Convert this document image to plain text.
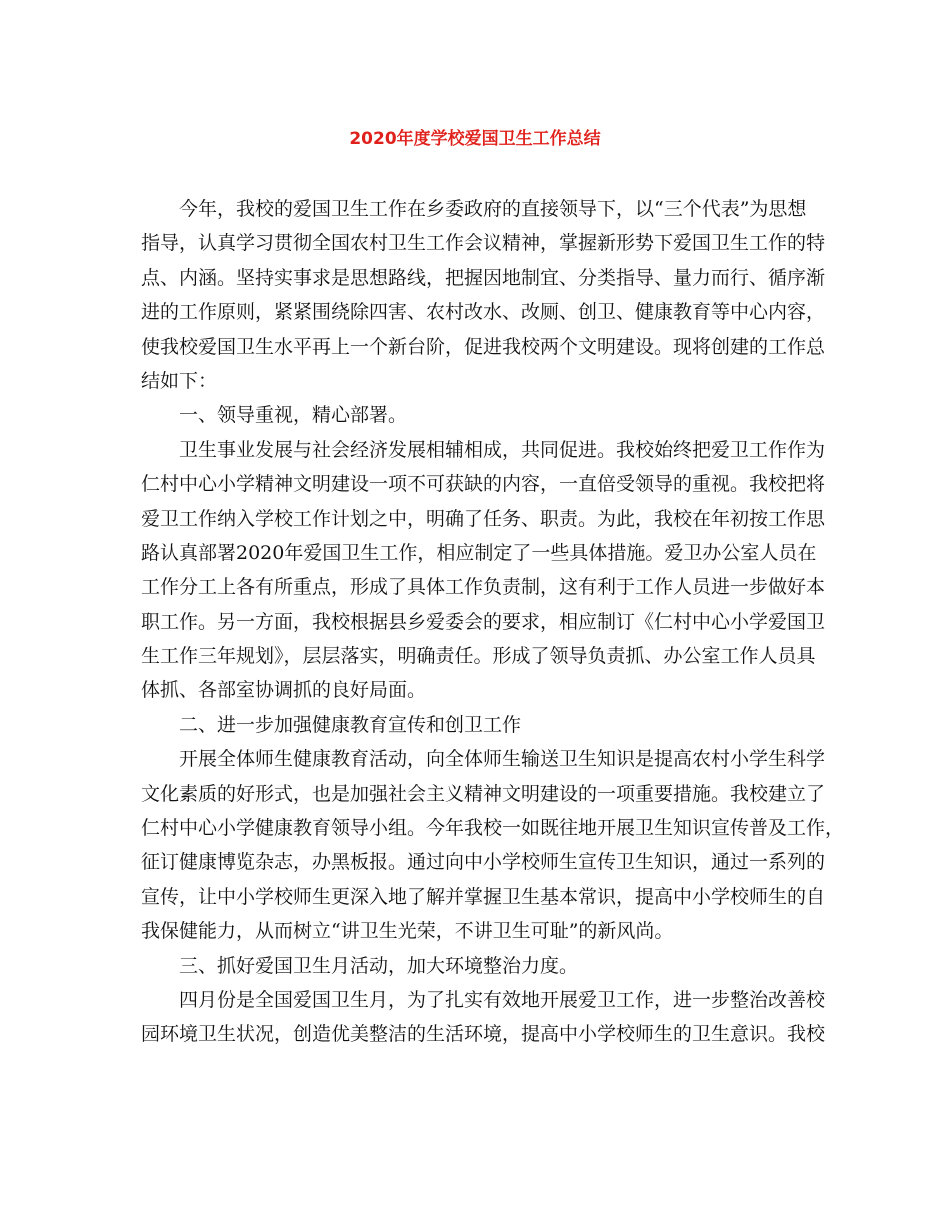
2020年度学校爱国卫生工作总结
今年，我校的爱国卫生工作在乡委政府的直接领导下，以“三个代表”为思想
指导，认真学习贯彻全国农村卫生工作会议精神，掌握新形势下爱国卫生工作的特
点、内涵。坚持实事求是思想路线，把握因地制宜、分类指导、量力而行、循序渐
进的工作原则，紧紧围绕除四害、农村改水、改厕、创卫、健康教育等中心内容，
使我校爱国卫生水平再上一个新台阶，促进我校两个文明建设。现将创建的工作总
结如下：
一、领导重视，精心部署。
卫生事业发展与社会经济发展相辅相成，共同促进。我校始终把爱卫工作作为
仁村中心小学精神文明建设一项不可获缺的内容，一直倍受领导的重视。我校把将
爱卫工作纳入学校工作计划之中，明确了任务、职责。为此，我校在年初按工作思
路认真部署2020年爱国卫生工作，相应制定了一些具体措施。爱卫办公室人员在
工作分工上各有所重点，形成了具体工作负责制，这有利于工作人员进一步做好本
职工作。另一方面，我校根据县乡爱委会的要求，相应制订《仁村中心小学爱国卫
生工作三年规划》，层层落实，明确责任。形成了领导负责抓、办公室工作人员具
体抓、各部室协调抓的良好局面。
二、进一步加强健康教育宣传和创卫工作
开展全体师生健康教育活动，向全体师生输送卫生知识是提高农村小学生科学
文化素质的好形式，也是加强社会主义精神文明建设的一项重要措施。我校建立了
仁村中心小学健康教育领导小组。今年我校一如既往地开展卫生知识宣传普及工作，
征订健康博览杂志，办黑板报。通过向中小学校师生宣传卫生知识，通过一系列的
宣传，让中小学校师生更深入地了解并掌握卫生基本常识，提高中小学校师生的自
我保健能力，从而树立“讲卫生光荣，不讲卫生可耻”的新风尚。
三、抓好爱国卫生月活动，加大环境整治力度。
四月份是全国爱国卫生月，为了扎实有效地开展爱卫工作，进一步整治改善校
园环境卫生状况，创造优美整洁的生活环境，提高中小学校师生的卫生意识。我校
